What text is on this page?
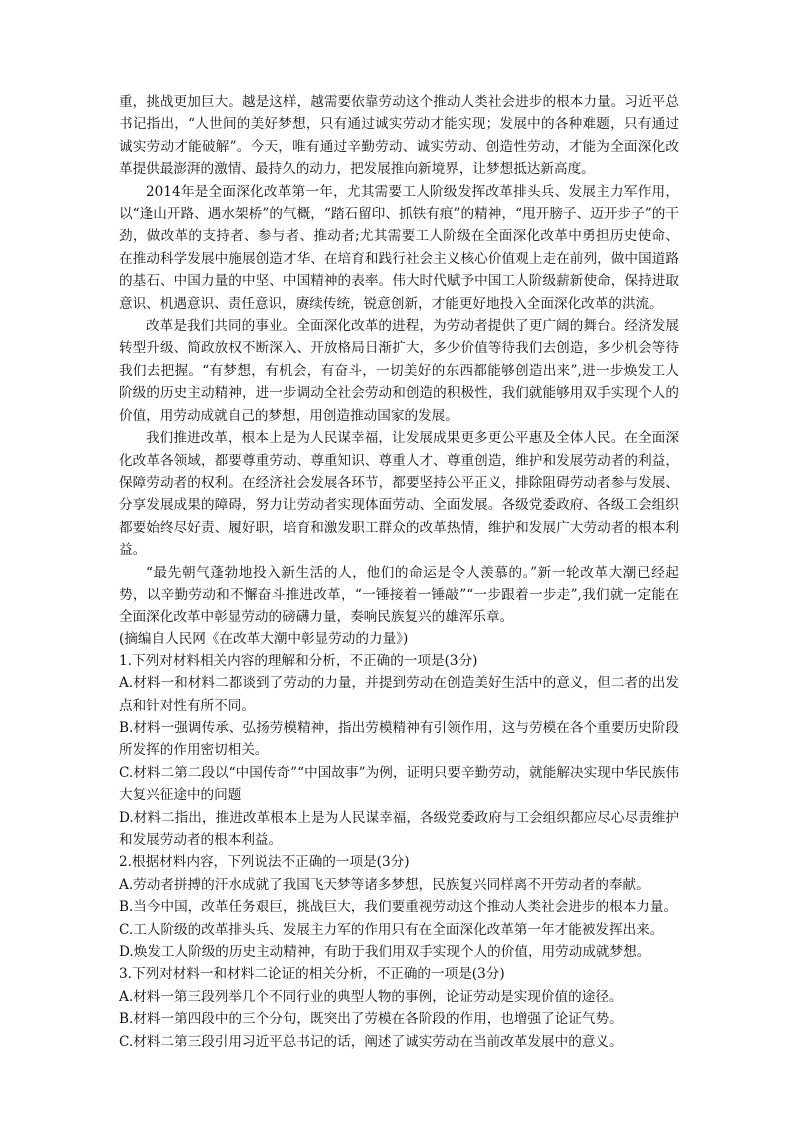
重，挑战更加巨大。越是这样，越需要依靠劳动这个推动人类社会进步的根本力量。习近平总书记指出，“人世间的美好梦想，只有通过诚实劳动才能实现；发展中的各种难题，只有通过诚实劳动才能破解”。今天，唯有通过辛勤劳动、诚实劳动、创造性劳动，才能为全面深化改革提供最澎湃的激情、最持久的动力，把发展推向新境界，让梦想抵达新高度。

2014年是全面深化改革第一年，尤其需要工人阶级发挥改革排头兵、发展主力军作用，以“逢山开路、遇水架桥”的气概，“踏石留印、抓铁有痕”的精神，“甩开膀子、迈开步子”的干劲，做改革的支持者、参与者、推动者;尤其需要工人阶级在全面深化改革中勇担历史使命、在推动科学发展中施展创造才华、在培育和践行社会主义核心价值观上走在前列，做中国道路的基石、中国力量的中坚、中国精神的表率。伟大时代赋予中国工人阶级薪新使命，保持进取意识、机遇意识、责任意识，赓续传统，锐意创新，才能更好地投入全面深化改革的洪流。

改革是我们共同的事业。全面深化改革的进程，为劳动者提供了更广阔的舞台。经济发展转型升级、简政放权不断深入、开放格局日渐扩大，多少价值等待我们去创造，多少机会等待我们去把握。“有梦想，有机会，有奋斗，一切美好的东西都能够创造出来”,进一步焕发工人阶级的历史主动精神，进一步调动全社会劳动和创造的积极性，我们就能够用双手实现个人的价值，用劳动成就自己的梦想，用创造推动国家的发展。

我们推进改革，根本上是为人民谋幸福，让发展成果更多更公平惠及全体人民。在全面深化改革各领域，都要尊重劳动、尊重知识、尊重人才、尊重创造，维护和发展劳动者的利益，保障劳动者的权利。在经济社会发展各环节，都要坚持公平正义，排除阻碍劳动者参与发展、分享发展成果的障碍，努力让劳动者实现体面劳动、全面发展。各级党委政府、各级工会组织都要始终尽好责、履好职，培育和激发职工群众的改革热情，维护和发展广大劳动者的根本利益。

“最先朝气蓬勃地投入新生活的人，他们的命运是令人羡慕的。”新一轮改革大潮已经起势，以辛勤劳动和不懈奋斗推进改革，“一锤接着一锤敲”“一步跟着一步走”,我们就一定能在全面深化改革中彰显劳动的磅礴力量，奏响民族复兴的雄浑乐章。

(摘编自人民网《在改革大潮中彰显劳动的力量》)

1.下列对材料相关内容的理解和分析，不正确的一项是(3分)

A.材料一和材料二都谈到了劳动的力量，并提到劳动在创造美好生活中的意义，但二者的出发点和针对性有所不同。

B.材料一强调传承、弘扬劳模精神，指出劳模精神有引领作用，这与劳模在各个重要历史阶段所发挥的作用密切相关。

C.材料二第二段以“中国传奇”“中国故事”为例，证明只要辛勤劳动，就能解决实现中华民族伟大复兴征途中的问题

D.材料二指出，推进改革根本上是为人民谋幸福，各级党委政府与工会组织都应尽心尽责维护和发展劳动者的根本利益。

2.根据材料内容，下列说法不正确的一项是(3分)

A.劳动者拼搏的汗水成就了我国飞天梦等诸多梦想，民族复兴同样离不开劳动者的奉献。

B.当今中国，改革任务艰巨，挑战巨大，我们要重视劳动这个推动人类社会进步的根本力量。

C.工人阶级的改革排头兵、发展主力军的作用只有在全面深化改革第一年才能被发挥出来。

D.焕发工人阶级的历史主动精神，有助于我们用双手实现个人的价值，用劳动成就梦想。

3.下列对材料一和材料二论证的相关分析，不正确的一项是(3分)

A.材料一第三段列举几个不同行业的典型人物的事例，论证劳动是实现价值的途径。

B.材料一第四段中的三个分句，既突出了劳模在各阶段的作用，也增强了论证气势。

C.材料二第三段引用习近平总书记的话，阐述了诚实劳动在当前改革发展中的意义。
